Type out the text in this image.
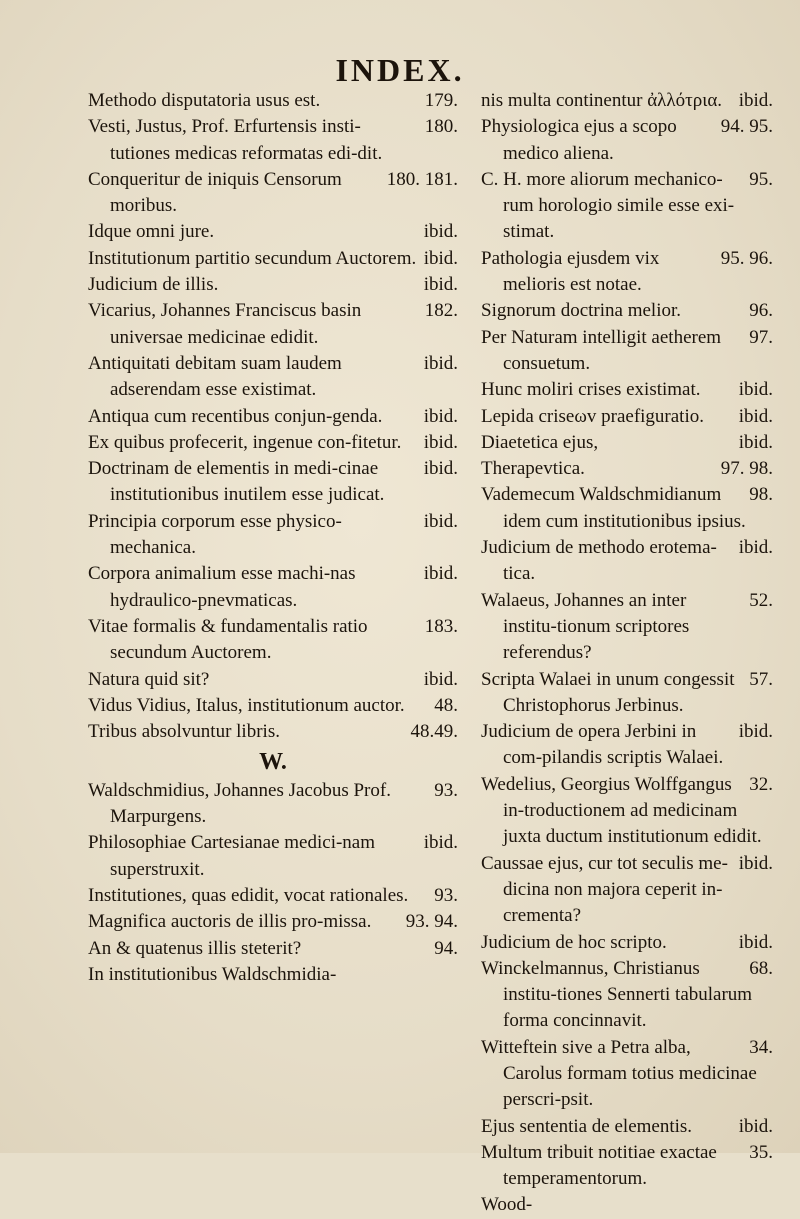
INDEX.
179.
Methodo disputatoria usus est.
180.
Vesti, Justus, Prof. Erfurtensis insti-tutiones medicas reformatas edi-dit.
180. 181.
Conqueritur de iniquis Censorum moribus.
ibid.
Idque omni jure.
ibid.
Institutionum partitio secundum Auctorem.
ibid.
Judicium de illis.
182.
Vicarius, Johannes Franciscus basin universae medicinae edidit.
ibid.
Antiquitati debitam suam laudem adserendam esse existimat.
ibid.
Antiqua cum recentibus conjun-genda.
ibid.
Ex quibus profecerit, ingenue con-fitetur.
ibid.
Doctrinam de elementis in medi-cinae institutionibus inutilem esse judicat.
ibid.
Principia corporum esse physico-mechanica.
ibid.
Corpora animalium esse machi-nas hydraulico-pnevmaticas.
183.
Vitae formalis & fundamentalis ratio secundum Auctorem.
ibid.
Natura quid sit?
48.
Vidus Vidius, Italus, institutionum auctor.
48.49.
Tribus absolvuntur libris.
W.
93.
Waldschmidius, Johannes Jacobus Prof. Marpurgens.
ibid.
Philosophiae Cartesianae medici-nam superstruxit.
93.
Institutiones, quas edidit, vocat rationales.
93. 94.
Magnifica auctoris de illis pro-missa.
94.
An & quatenus illis steterit?
In institutionibus Waldschmidia-
ibid.
nis multa continentur ἀλλότρια.
94. 95.
Physiologica ejus a scopo medico aliena.
95.
C. H. more aliorum mechanico-rum horologio simile esse exi-stimat.
95. 96.
Pathologia ejusdem vix melioris est notae.
96.
Signorum doctrina melior.
97.
Per Naturam intelligit aetherem consuetum.
ibid.
Hunc moliri crises existimat.
ibid.
Lepida criseωv praefiguratio.
ibid.
Diaetetica ejus,
97. 98.
Therapevtica.
98.
Vademecum Waldschmidianum idem cum institutionibus ipsius.
ibid.
Judicium de methodo erotema-tica.
52.
Walaeus, Johannes an inter institu-tionum scriptores referendus?
57.
Scripta Walaei in unum congessit Christophorus Jerbinus.
ibid.
Judicium de opera Jerbini in com-pilandis scriptis Walaei.
32.
Wedelius, Georgius Wolffgangus in-troductionem ad medicinam juxta ductum institutionum edidit.
ibid.
Caussae ejus, cur tot seculis me-dicina non majora ceperit in-crementa?
ibid.
Judicium de hoc scripto.
68.
Winckelmannus, Christianus institu-tiones Sennerti tabularum forma concinnavit.
34.
Witteftein sive a Petra alba, Carolus formam totius medicinae perscri-psit.
ibid.
Ejus sententia de elementis.
35.
Multum tribuit notitiae exactae temperamentorum.
Wood-
